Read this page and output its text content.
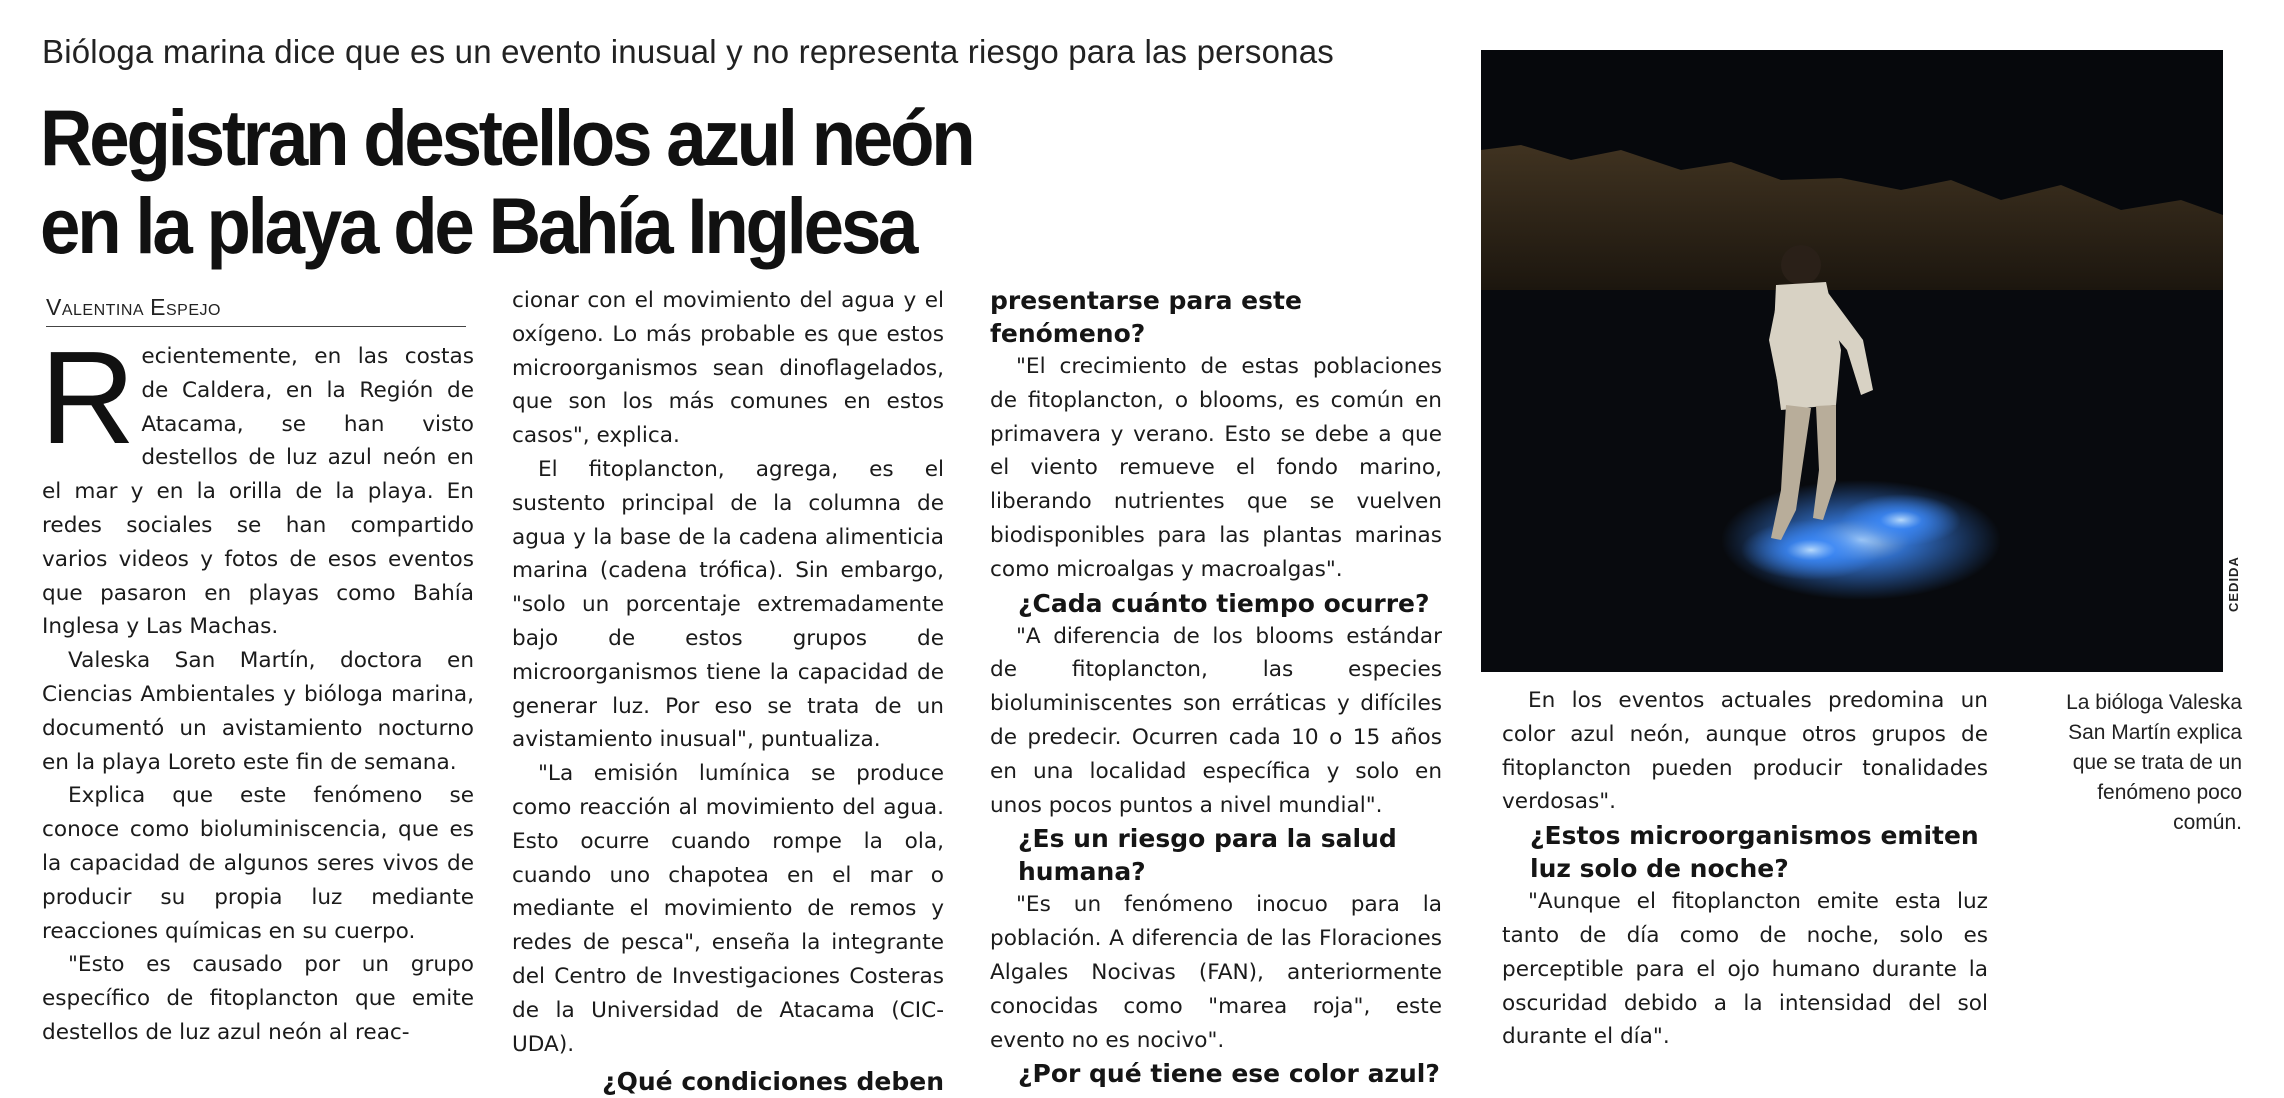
Bióloga marina dice que es un evento inusual y no representa riesgo para las personas
Registran destellos azul neón
en la playa de Bahía Inglesa
Valentina Espejo

Recientemente, en las costas de Caldera, en la Región de Atacama, se han visto destellos de luz azul neón en el mar y en la orilla de la playa. En redes sociales se han compartido varios videos y fotos de esos eventos que pasaron en playas como Bahía Inglesa y Las Machas.

Valeska San Martín, doctora en Ciencias Ambientales y bióloga marina, documentó un avistamiento nocturno en la playa Loreto este fin de semana.

Explica que este fenómeno se conoce como bioluminiscencia, que es la capacidad de algunos seres vivos de producir su propia luz mediante reacciones químicas en su cuerpo.

"Esto es causado por un grupo específico de fitoplancton que emite destellos de luz azul neón al reac-

cionar con el movimiento del agua y el oxígeno. Lo más probable es que estos microorganismos sean dinoflagelados, que son los más comunes en estos casos", explica.

El fitoplancton, agrega, es el sustento principal de la columna de agua y la base de la cadena alimenticia marina (cadena trófica). Sin embargo, "solo un porcentaje extremadamente bajo de estos grupos de microorganismos tiene la capacidad de generar luz. Por eso se trata de un avistamiento inusual", puntualiza.

"La emisión lumínica se produce como reacción al movimiento del agua. Esto ocurre cuando rompe la ola, cuando uno chapotea en el mar o mediante el movimiento de remos y redes de pesca", enseña la integrante del Centro de Investigaciones Costeras de la Universidad de Atacama (CIC-UDA).

¿Qué condiciones deben
presentarse para este fenómeno?

"El crecimiento de estas poblaciones de fitoplancton, o blooms, es común en primavera y verano. Esto se debe a que el viento remueve el fondo marino, liberando nutrientes que se vuelven biodisponibles para las plantas marinas como microalgas y macroalgas".

¿Cada cuánto tiempo ocurre?

"A diferencia de los blooms estándar de fitoplancton, las especies bioluminiscentes son erráticas y difíciles de predecir. Ocurren cada 10 o 15 años en una localidad específica y solo en unos pocos puntos a nivel mundial".

¿Es un riesgo para la salud humana?

"Es un fenómeno inocuo para la población. A diferencia de las Floraciones Algales Nocivas (FAN), anteriormente conocidas como "marea roja", este evento no es nocivo".

¿Por qué tiene ese color azul?
CEDIDA

En los eventos actuales predomina un color azul neón, aunque otros grupos de fitoplancton pueden producir tonalidades verdosas".

¿Estos microorganismos emiten luz solo de noche?

"Aunque el fitoplancton emite esta luz tanto de día como de noche, solo es perceptible para el ojo humano durante la oscuridad debido a la intensidad del sol durante el día".

La bióloga Valeska San Martín explica que se trata de un fenómeno poco común.
